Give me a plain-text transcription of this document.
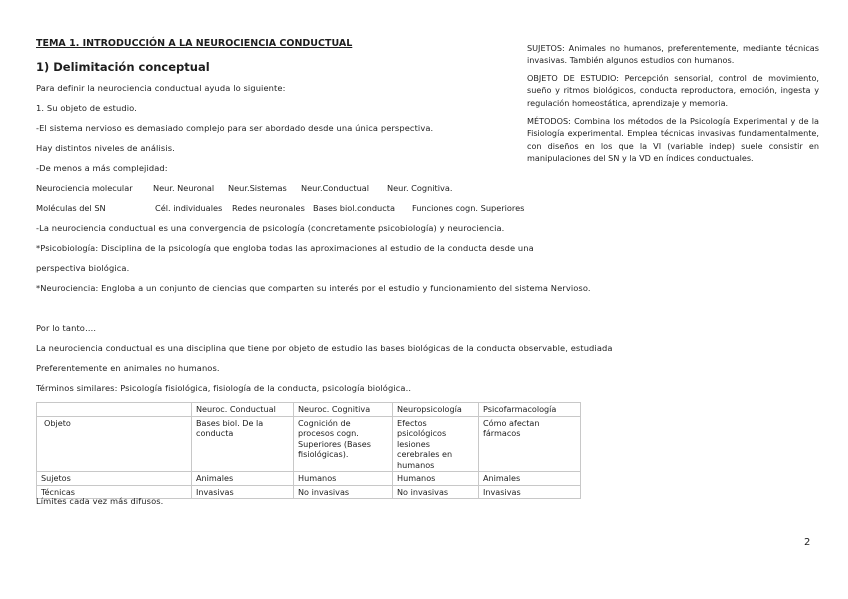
TEMA 1. INTRODUCCIÓN A LA NEUROCIENCIA CONDUCTUAL
1) Delimitación conceptual
Para definir la neurociencia conductual ayuda lo siguiente:
1. Su objeto de estudio.
-El sistema nervioso es demasiado complejo para ser abordado desde una única perspectiva.
Hay distintos niveles de análisis.
-De menos a más complejidad:
Neurociencia molecular Neur. Neuronal Neur.Sistemas Neur.Conductual Neur. Cognitiva.
Moléculas del SN	Cél. individuales Redes neuronales Bases biol.conducta Funciones cogn. Superiores
-La neurociencia conductual es una convergencia de psicología (concretamente psicobiología) y neurociencia.
*Psicobiología: Disciplina de la psicología que engloba todas las aproximaciones al estudio de la conducta desde una
perspectiva biológica.
*Neurociencia: Engloba a un conjunto de ciencias que comparten su interés por el estudio y funcionamiento del sistema Nervioso.
Por lo tanto….
La neurociencia conductual es una disciplina que tiene por objeto de estudio las bases biológicas de la conducta observable, estudiada
Preferentemente en animales no humanos.
Términos similares: Psicología fisiológica, fisiología de la conducta, psicología biológica..
SUJETOS: Animales no humanos, preferentemente, mediante técnicas invasivas. También algunos estudios con humanos.
OBJETO DE ESTUDIO: Percepción sensorial, control de movimiento, sueño y ritmos biológicos, conducta reproductora, emoción, ingesta y regulación homeostática, aprendizaje y memoria.
MÉTODOS: Combina los métodos de la Psicología Experimental y de la Fisiología experimental. Emplea técnicas invasivas fundamentalmente, con diseños en los que la VI (variable indep) suele consistir en manipulaciones del SN y la VD en índices conductuales.
	Neuroc. Conductual	Neuroc. Cognitiva	Neuropsicología	Psicofarmacología
Objeto	Bases biol. De la conducta	Cognición de procesos cogn. Superiores (Bases fisiológicas).	Efectos psicológicos lesiones cerebrales en humanos	Cómo afectan fármacos
Sujetos	Animales	Humanos	Humanos	Animales
Técnicas	Invasivas	No invasivas	No invasivas	Invasivas
Límites cada vez más difusos.
2
